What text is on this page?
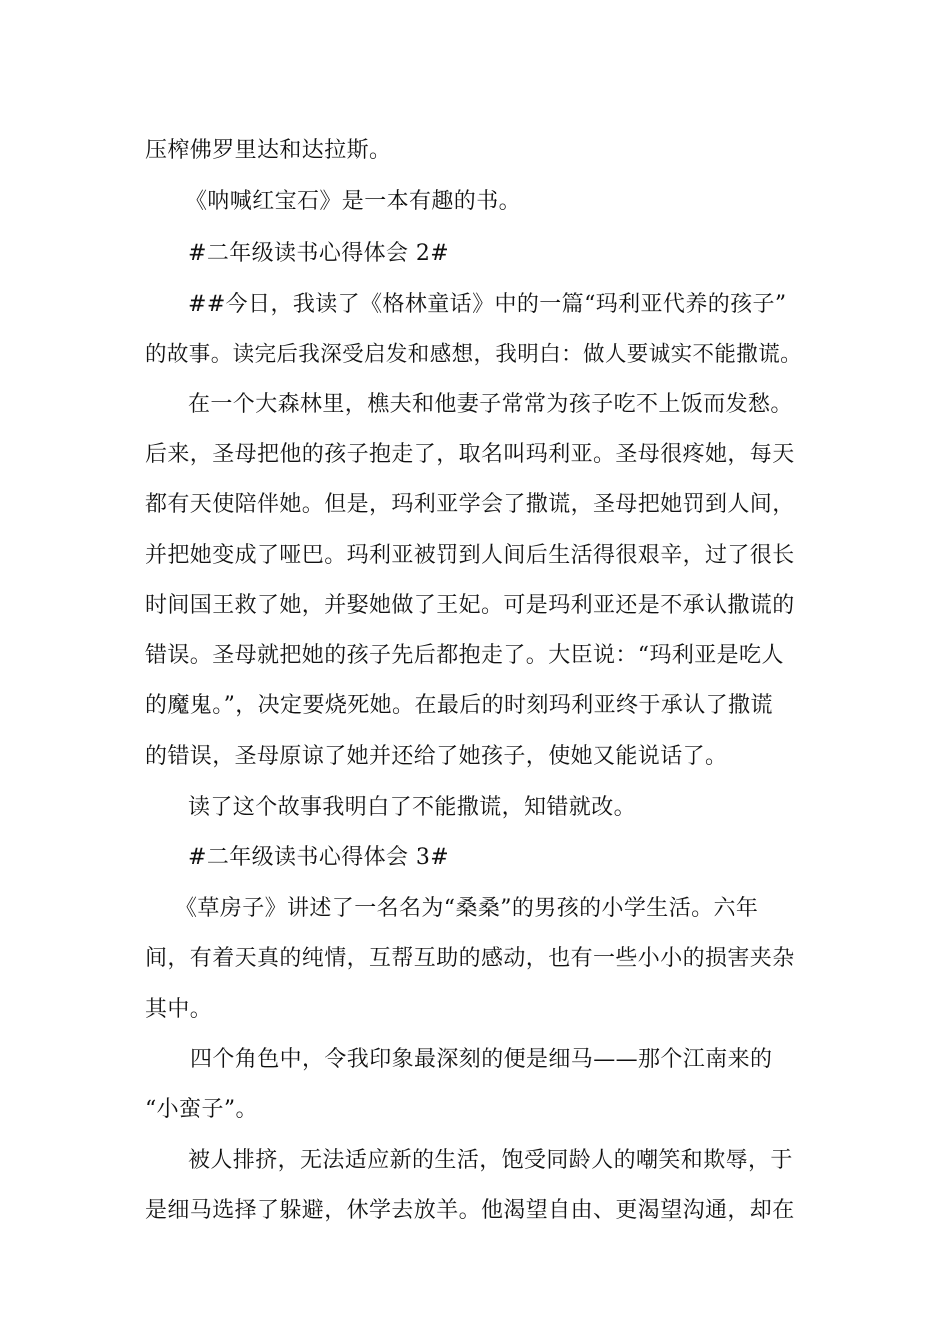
压榨佛罗里达和达拉斯。
《呐喊红宝石》是一本有趣的书。
#二年级读书心得体会 2#
##今日，我读了《格林童话》中的一篇“玛利亚代养的孩子”
的故事。读完后我深受启发和感想，我明白：做人要诚实不能撒谎。
在一个大森林里，樵夫和他妻子常常为孩子吃不上饭而发愁。
后来，圣母把他的孩子抱走了，取名叫玛利亚。圣母很疼她，每天
都有天使陪伴她。但是，玛利亚学会了撒谎，圣母把她罚到人间，
并把她变成了哑巴。玛利亚被罚到人间后生活得很艰辛，过了很长
时间国王救了她，并娶她做了王妃。可是玛利亚还是不承认撒谎的
错误。圣母就把她的孩子先后都抱走了。大臣说：“玛利亚是吃人
的魔鬼。”，决定要烧死她。在最后的时刻玛利亚终于承认了撒谎
的错误，圣母原谅了她并还给了她孩子，使她又能说话了。
读了这个故事我明白了不能撒谎，知错就改。
#二年级读书心得体会 3#
《草房子》讲述了一名名为“桑桑”的男孩的小学生活。六年
间，有着天真的纯情，互帮互助的感动，也有一些小小的损害夹杂
其中。
四个角色中，令我印象最深刻的便是细马——那个江南来的
“小蛮子”。
被人排挤，无法适应新的生活，饱受同龄人的嘲笑和欺辱，于
是细马选择了躲避，休学去放羊。他渴望自由、更渴望沟通，却在
